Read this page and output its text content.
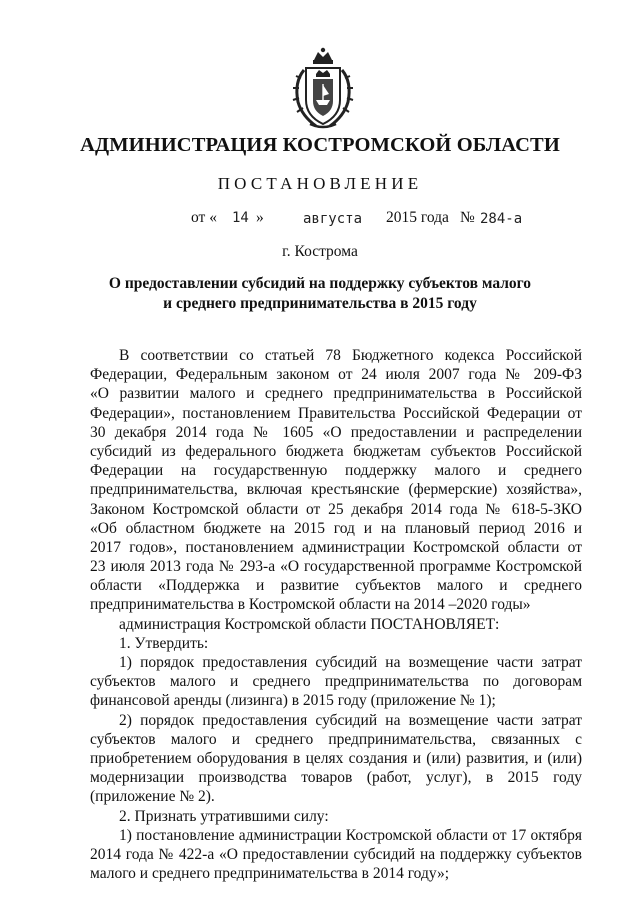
АДМИНИСТРАЦИЯ КОСТРОМСКОЙ ОБЛАСТИ
ПОСТАНОВЛЕНИЕ
от « 14 »	августа 2015 года № 284-а
г. Кострома
О предоставлении субсидий на поддержку субъектов малого
и среднего предпринимательства в 2015 году
В соответствии со статьей 78 Бюджетного кодекса Российской
Федерации, Федеральным законом от 24 июля 2007 года № 209-ФЗ
«О развитии малого и среднего предпринимательства в Российской
Федерации», постановлением Правительства Российской Федерации от
30 декабря 2014 года № 1605 «О предоставлении и распределении
субсидий из федерального бюджета бюджетам субъектов Российской
Федерации на государственную поддержку малого и среднего
предпринимательства, включая крестьянские (фермерские) хозяйства»,
Законом Костромской области от 25 декабря 2014 года № 618-5-ЗКО
«Об областном бюджете на 2015 год и на плановый период 2016 и
2017 годов», постановлением администрации Костромской области от
23 июля 2013 года № 293-а «О государственной программе Костромской
области «Поддержка и развитие субъектов малого и среднего
предпринимательства в Костромской области на 2014 –2020 годы»
администрация Костромской области ПОСТАНОВЛЯЕТ:
1. Утвердить:
1) порядок предоставления субсидий на возмещение части затрат
субъектов малого и среднего предпринимательства по договорам
финансовой аренды (лизинга) в 2015 году (приложение № 1);
2) порядок предоставления субсидий на возмещение части затрат
субъектов малого и среднего предпринимательства, связанных с
приобретением оборудования в целях создания и (или) развития, и (или)
модернизации производства товаров (работ, услуг), в 2015 году
(приложение № 2).
2. Признать утратившими силу:
1) постановление администрации Костромской области от 17 октября
2014 года № 422-а «О предоставлении субсидий на поддержку субъектов
малого и среднего предпринимательства в 2014 году»;
